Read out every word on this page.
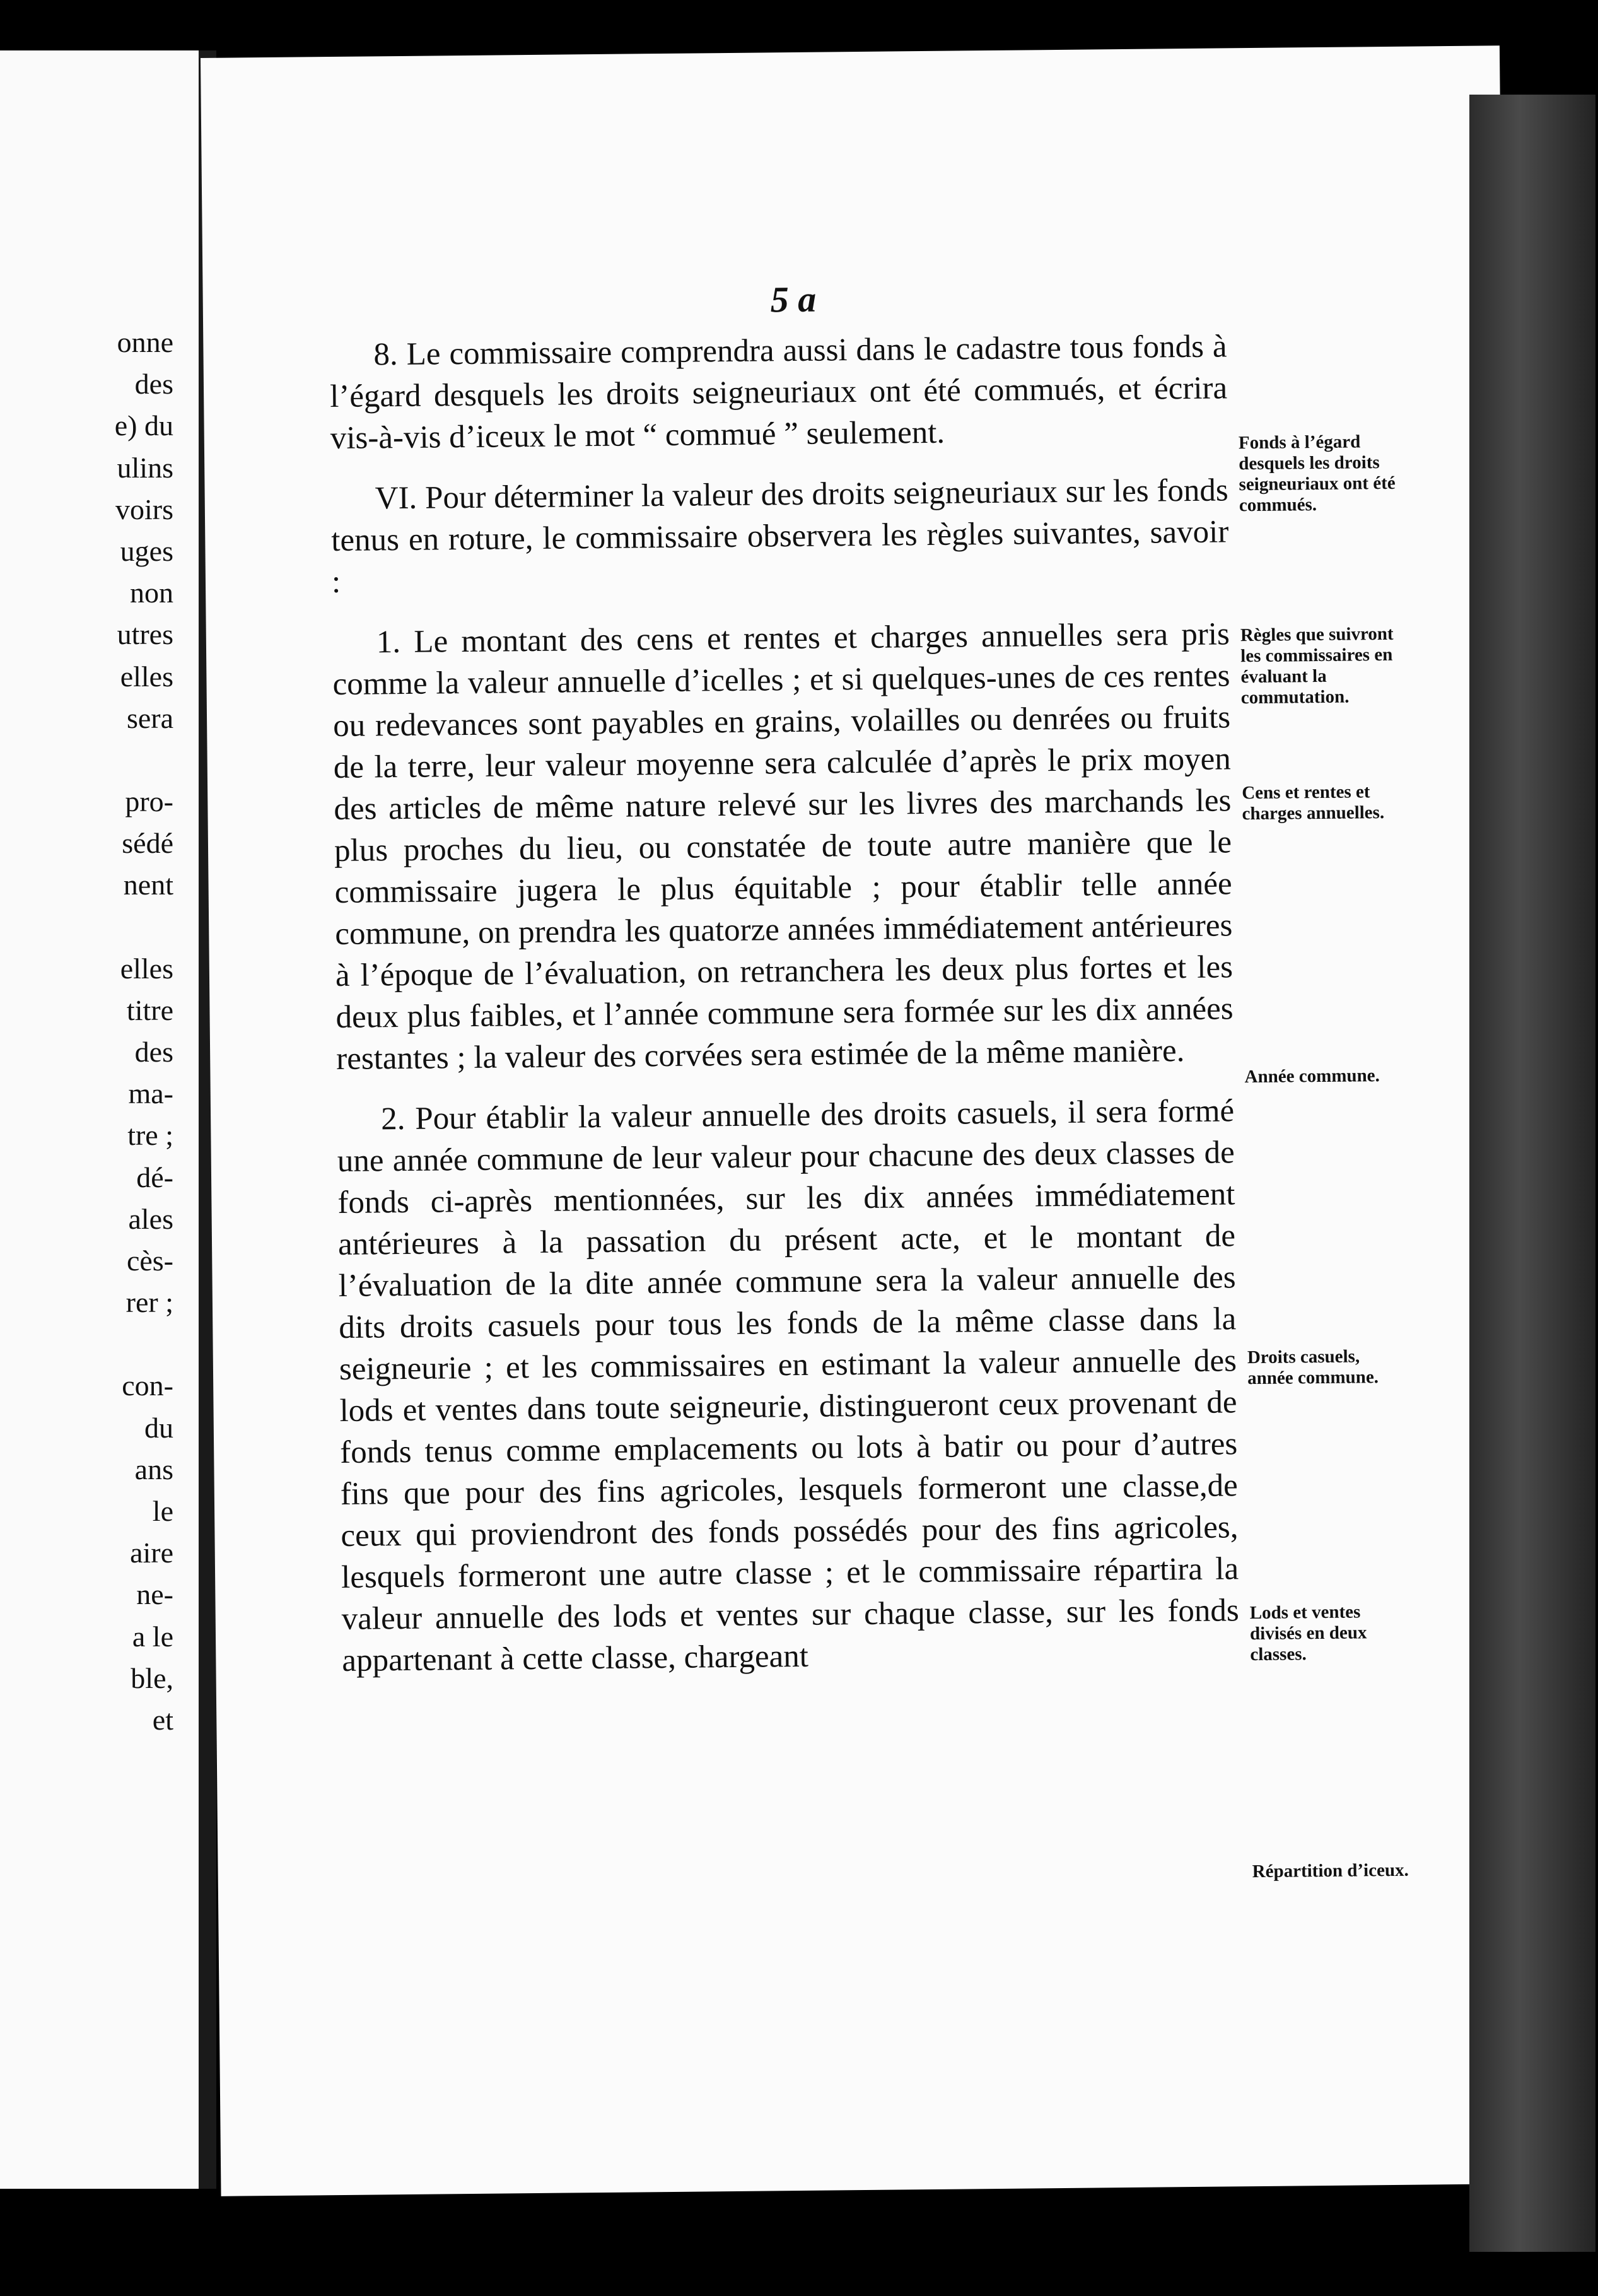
onne
des
e) du
ulins
voirs
uges
non
utres
elles
sera
pro-
sédé
nent
elles
titre
des
ma-
tre ;
dé-
ales
cès-
rer ;
con-
du
ans
le
aire
ne-
a le
ble,
et
5 a

8. Le commissaire comprendra aussi dans le cadastre tous fonds à l’égard desquels les droits seigneuriaux ont été commués, et écrira vis-à-vis d’iceux le mot “ commué ” seulement.

VI. Pour déterminer la valeur des droits seigneuriaux sur les fonds tenus en roture, le commissaire observera les règles suivantes, savoir :

1. Le montant des cens et rentes et charges annuelles sera pris comme la valeur annuelle d’icelles ; et si quelques-unes de ces rentes ou redevances sont payables en grains, volailles ou denrées ou fruits de la terre, leur valeur moyenne sera calculée d’après le prix moyen des articles de même nature relevé sur les livres des marchands les plus proches du lieu, ou constatée de toute autre manière que le commissaire jugera le plus équitable ; pour établir telle année commune, on prendra les quatorze années immédiatement antérieures à l’époque de l’évaluation, on retranchera les deux plus fortes et les deux plus faibles, et l’année commune sera formée sur les dix années restantes ; la valeur des corvées sera estimée de la même manière.

2. Pour établir la valeur annuelle des droits casuels, il sera formé une année commune de leur valeur pour chacune des deux classes de fonds ci-après mentionnées, sur les dix années immédiatement antérieures à la passation du présent acte, et le montant de l’évaluation de la dite année commune sera la valeur annuelle des dits droits casuels pour tous les fonds de la même classe dans la seigneurie ; et les commissaires en estimant la valeur annuelle des lods et ventes dans toute seigneurie, distingueront ceux provenant de fonds tenus comme emplacements ou lots à batir ou pour d’autres fins que pour des fins agricoles, lesquels formeront une classe,de ceux qui proviendront des fonds possédés pour des fins agricoles, lesquels formeront une autre classe ; et le commissaire répartira la valeur annuelle des lods et ventes sur chaque classe, sur les fonds appartenant à cette classe, chargeant

Fonds à l’égard desquels les droits seigneuriaux ont été commués.
Règles que suivront les commissaires en évaluant la commutation.
Cens et rentes et charges annuelles.
Année commune.
Droits casuels, année commune.
Lods et ventes divisés en deux classes.
Répartition d’iceux.
